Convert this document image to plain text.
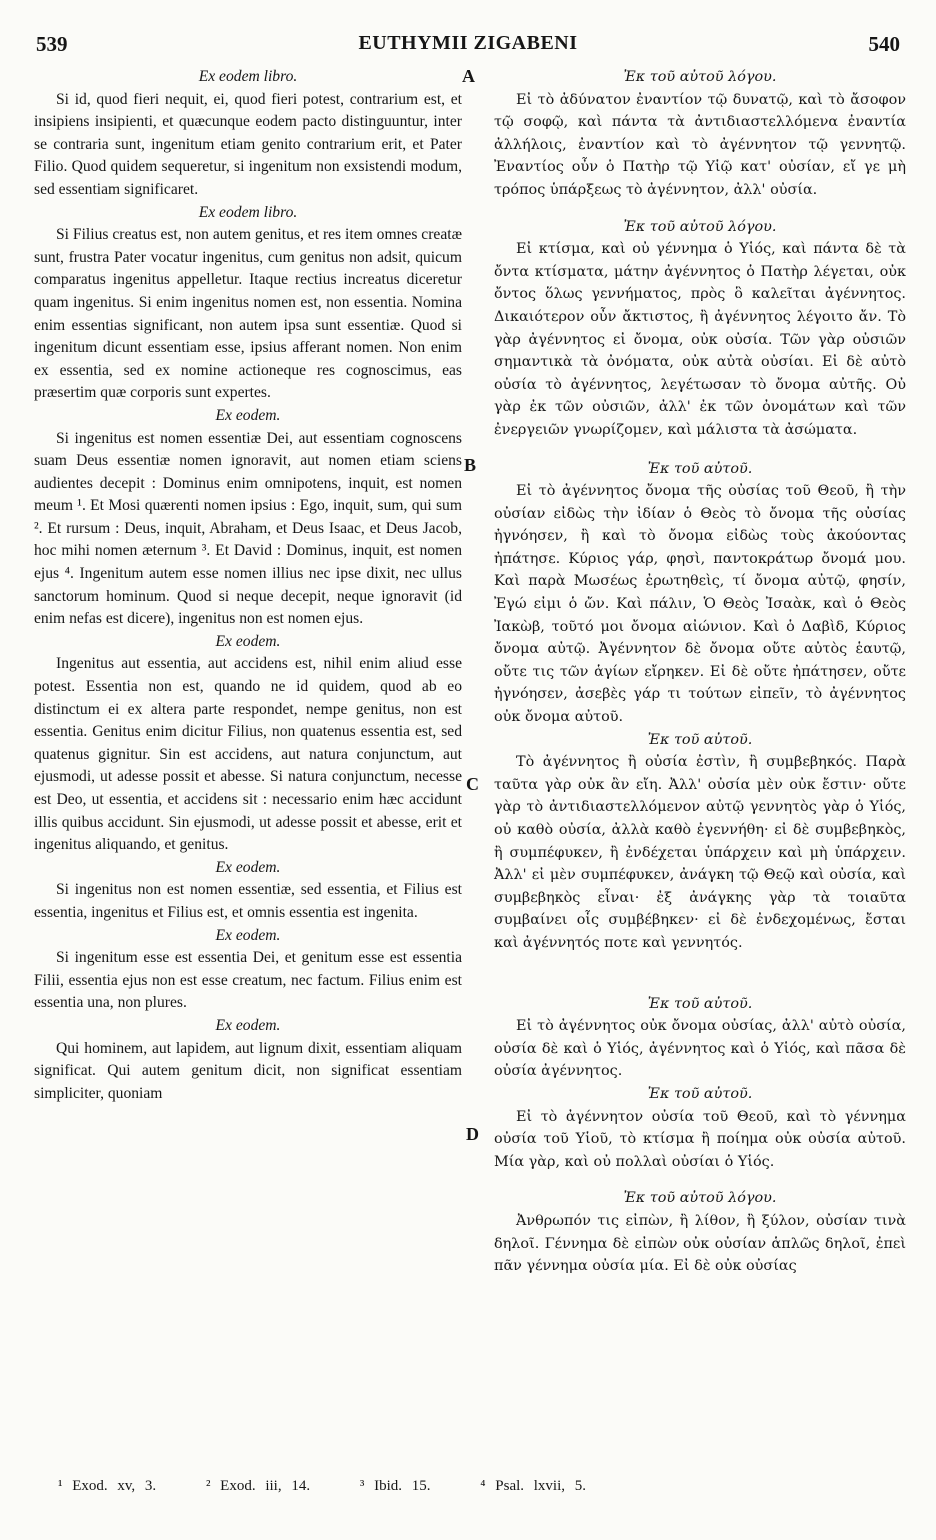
539	EUTHYMII ZIGABENI	540
A
B
C
D
Ex eodem libro.

Si id, quod fieri nequit, ei, quod fieri potest, contrarium est, et insipiens insipienti, et quæcunque eodem pacto distinguuntur, inter se contraria sunt, ingenitum etiam genito contrarium erit, et Pater Filio. Quod quidem sequeretur, si ingenitum non exsistendi modum, sed essentiam significaret.

Ex eodem libro.

Si Filius creatus est, non autem genitus, et res item omnes creatæ sunt, frustra Pater vocatur ingenitus, cum genitus non adsit, quicum comparatus ingenitus appelletur. Itaque rectius increatus diceretur quam ingenitus. Si enim ingenitus nomen est, non essentia. Nomina enim essentias significant, non autem ipsa sunt essentiæ. Quod si ingenitum dicunt essentiam esse, ipsius afferant nomen. Non enim ex essentia, sed ex nomine actioneque res cognoscimus, eas præsertim quæ corporis sunt expertes.

Ex eodem.

Si ingenitus est nomen essentiæ Dei, aut essentiam cognoscens suam Deus essentiæ nomen ignoravit, aut nomen etiam sciens audientes decepit : Dominus enim omnipotens, inquit, est nomen meum ¹. Et Mosi quærenti nomen ipsius : Ego, inquit, sum, qui sum ². Et rursum : Deus, inquit, Abraham, et Deus Isaac, et Deus Jacob, hoc mihi nomen æternum ³. Et David : Dominus, inquit, est nomen ejus ⁴. Ingenitum autem esse nomen illius nec ipse dixit, nec ullus sanctorum hominum. Quod si neque decepit, neque ignoravit (id enim nefas est dicere), ingenitus non est nomen ejus.

Ex eodem.

Ingenitus aut essentia, aut accidens est, nihil enim aliud esse potest. Essentia non est, quando ne id quidem, quod ab eo distinctum ei ex altera parte respondet, nempe genitus, non est essentia. Genitus enim dicitur Filius, non quatenus essentia est, sed quatenus gignitur. Sin est accidens, aut natura conjunctum, aut ejusmodi, ut adesse possit et abesse. Si natura conjunctum, necesse est Deo, ut essentia, et accidens sit : necessario enim hæc accidunt illis quibus accidunt. Sin ejusmodi, ut adesse possit et abesse, erit et ingenitus aliquando, et genitus.

Ex eodem.

Si ingenitus non est nomen essentiæ, sed essentia, et Filius est essentia, ingenitus et Filius est, et omnis essentia est ingenita.

Ex eodem.

Si ingenitum esse est essentia Dei, et genitum esse est essentia Filii, essentia ejus non est esse creatum, nec factum. Filius enim est essentia una, non plures.

Ex eodem.

Qui hominem, aut lapidem, aut lignum dixit, essentiam aliquam significat. Qui autem genitum dicit, non significat essentiam simpliciter, quoniam

Ἐκ τοῦ αὐτοῦ λόγου.

Εἰ τὸ ἀδύνατον ἐναντίον τῷ δυνατῷ, καὶ τὸ ἄσοφον τῷ σοφῷ, καὶ πάντα τὰ ἀντιδιαστελλόμενα ἐναντία ἀλλήλοις, ἐναντίον καὶ τὸ ἀγέννητον τῷ γεννητῷ. Ἐναντίος οὖν ὁ Πατὴρ τῷ Υἱῷ κατ' οὐσίαν, εἴ γε μὴ τρόπος ὑπάρξεως τὸ ἀγέννητον, ἀλλ' οὐσία.

Ἐκ τοῦ αὐτοῦ λόγου.

Εἰ κτίσμα, καὶ οὐ γέννημα ὁ Υἱός, καὶ πάντα δὲ τὰ ὄντα κτίσματα, μάτην ἀγέννητος ὁ Πατὴρ λέγεται, οὐκ ὄντος ὅλως γεννήματος, πρὸς ὃ καλεῖται ἀγέννητος. Δικαιότερον οὖν ἄκτιστος, ἢ ἀγέννητος λέγοιτο ἄν. Τὸ γὰρ ἀγέννητος εἰ ὄνομα, οὐκ οὐσία. Τῶν γὰρ οὐσιῶν σημαντικὰ τὰ ὀνόματα, οὐκ αὐτὰ οὐσίαι. Εἰ δὲ αὐτὸ οὐσία τὸ ἀγέννητος, λεγέτωσαν τὸ ὄνομα αὐτῆς. Οὐ γὰρ ἐκ τῶν οὐσιῶν, ἀλλ' ἐκ τῶν ὀνομάτων καὶ τῶν ἐνεργειῶν γνωρίζομεν, καὶ μάλιστα τὰ ἀσώματα.

Ἐκ τοῦ αὐτοῦ.

Εἰ τὸ ἀγέννητος ὄνομα τῆς οὐσίας τοῦ Θεοῦ, ἢ τὴν οὐσίαν εἰδὼς τὴν ἰδίαν ὁ Θεὸς τὸ ὄνομα τῆς οὐσίας ἠγνόησεν, ἢ καὶ τὸ ὄνομα εἰδὼς τοὺς ἀκούοντας ἠπάτησε. Κύριος γάρ, φησὶ, παντοκράτωρ ὄνομά μου. Καὶ παρὰ Μωσέως ἐρωτηθεὶς, τί ὄνομα αὐτῷ, φησίν, Ἐγώ εἰμι ὁ ὤν. Καὶ πάλιν, Ὁ Θεὸς Ἰσαὰκ, καὶ ὁ Θεὸς Ἰακὼβ, τοῦτό μοι ὄνομα αἰώνιον. Καὶ ὁ Δαβὶδ, Κύριος ὄνομα αὐτῷ. Ἀγέννητον δὲ ὄνομα οὔτε αὐτὸς ἑαυτῷ, οὔτε τις τῶν ἁγίων εἴρηκεν. Εἰ δὲ οὔτε ἠπάτησεν, οὔτε ἠγνόησεν, ἀσεβὲς γάρ τι τούτων εἰπεῖν, τὸ ἀγέννητος οὐκ ὄνομα αὐτοῦ.

Ἐκ τοῦ αὐτοῦ.

Τὸ ἀγέννητος ἢ οὐσία ἐστὶν, ἢ συμβεβηκός. Παρὰ ταῦτα γὰρ οὐκ ἂν εἴη. Ἀλλ' οὐσία μὲν οὐκ ἔστιν· οὔτε γὰρ τὸ ἀντιδιαστελλόμενον αὐτῷ γεννητὸς γὰρ ὁ Υἱός, οὐ καθὸ οὐσία, ἀλλὰ καθὸ ἐγεννήθη· εἰ δὲ συμβεβηκὸς, ἢ συμπέφυκεν, ἢ ἐνδέχεται ὑπάρχειν καὶ μὴ ὑπάρχειν. Ἀλλ' εἰ μὲν συμπέφυκεν, ἀνάγκη τῷ Θεῷ καὶ οὐσία, καὶ συμβεβηκὸς εἶναι· ἐξ ἀνάγκης γὰρ τὰ τοιαῦτα συμβαίνει οἷς συμβέβηκεν· εἰ δὲ ἐνδεχομένως, ἔσται καὶ ἀγέννητός ποτε καὶ γεννητός.

Ἐκ τοῦ αὐτοῦ.

Εἰ τὸ ἀγέννητος οὐκ ὄνομα οὐσίας, ἀλλ' αὐτὸ οὐσία, οὐσία δὲ καὶ ὁ Υἱός, ἀγέννητος καὶ ὁ Υἱός, καὶ πᾶσα δὲ οὐσία ἀγέννητος.

Ἐκ τοῦ αὐτοῦ.

Εἰ τὸ ἀγέννητον οὐσία τοῦ Θεοῦ, καὶ τὸ γέννημα οὐσία τοῦ Υἱοῦ, τὸ κτίσμα ἢ ποίημα οὐκ οὐσία αὐτοῦ. Μία γὰρ, καὶ οὐ πολλαὶ οὐσίαι ὁ Υἱός.

Ἐκ τοῦ αὐτοῦ λόγου.

Ἀνθρωπόν τις εἰπὼν, ἢ λίθον, ἢ ξύλον, οὐσίαν τινὰ δηλοῖ. Γέννημα δὲ εἰπὼν οὐκ οὐσίαν ἁπλῶς δηλοῖ, ἐπεὶ πᾶν γέννημα οὐσία μία. Εἰ δὲ οὐκ οὐσίας

¹ Exod. xv, 3.	² Exod. iii, 14.	³ Ibid. 15.	⁴ Psal. lxvii, 5.
